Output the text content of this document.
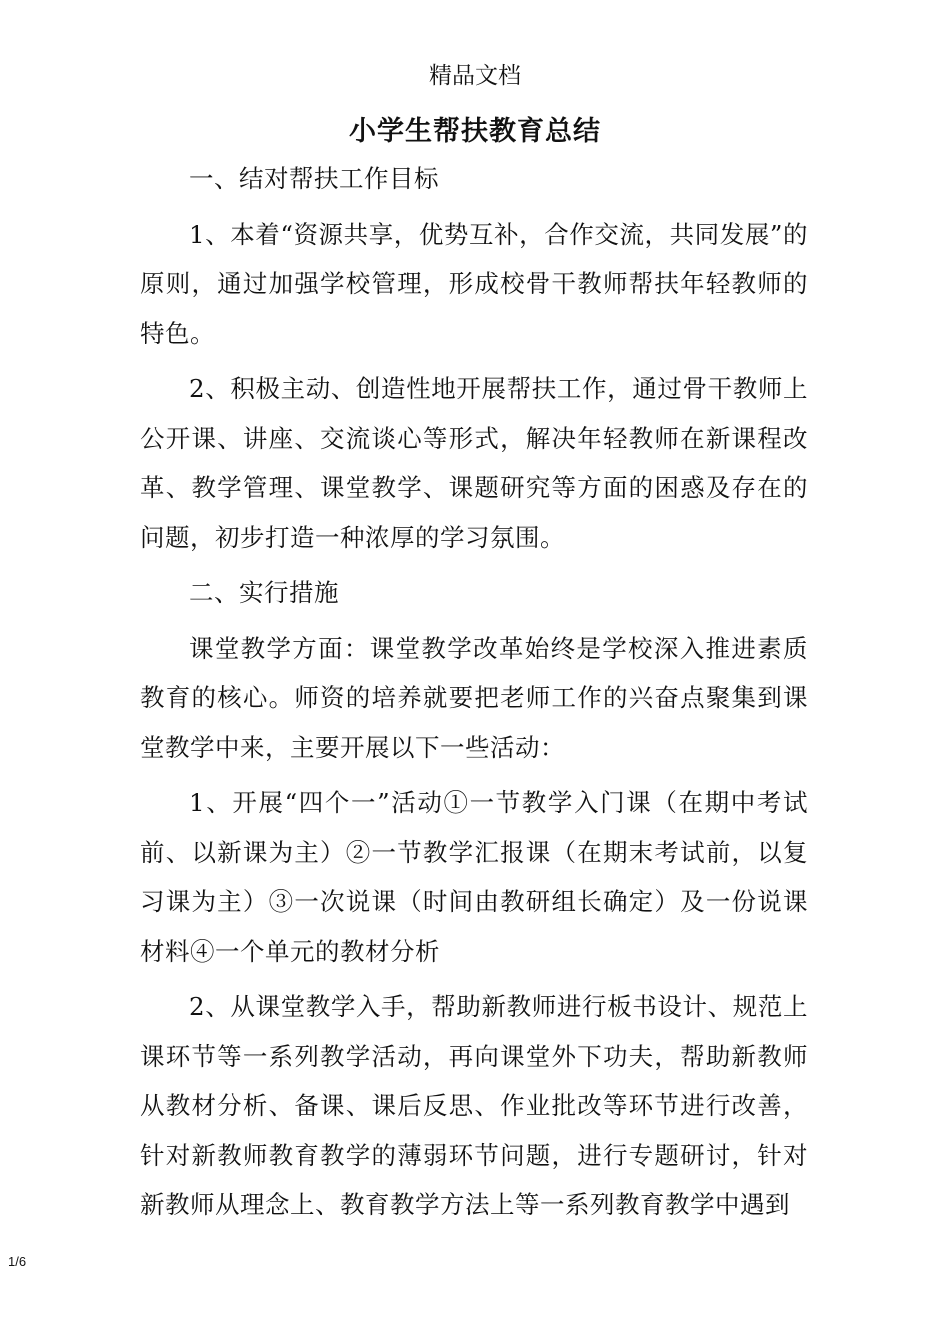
精品文档
小学生帮扶教育总结

一、结对帮扶工作目标

1、本着“资源共享，优势互补，合作交流，共同发展”的原则，通过加强学校管理，形成校骨干教师帮扶年轻教师的特色。

2、积极主动、创造性地开展帮扶工作，通过骨干教师上公开课、讲座、交流谈心等形式，解决年轻教师在新课程改革、教学管理、课堂教学、课题研究等方面的困惑及存在的问题，初步打造一种浓厚的学习氛围。

二、实行措施

课堂教学方面：课堂教学改革始终是学校深入推进素质教育的核心。师资的培养就要把老师工作的兴奋点聚集到课堂教学中来，主要开展以下一些活动：

1、开展“四个一”活动①一节教学入门课（在期中考试前、以新课为主）②一节教学汇报课（在期末考试前，以复习课为主）③一次说课（时间由教研组长确定）及一份说课材料④一个单元的教材分析

2、从课堂教学入手，帮助新教师进行板书设计、规范上课环节等一系列教学活动，再向课堂外下功夫，帮助新教师从教材分析、备课、课后反思、作业批改等环节进行改善，针对新教师教育教学的薄弱环节问题，进行专题研讨，针对新教师从理念上、教育教学方法上等一系列教育教学中遇到

1/6
